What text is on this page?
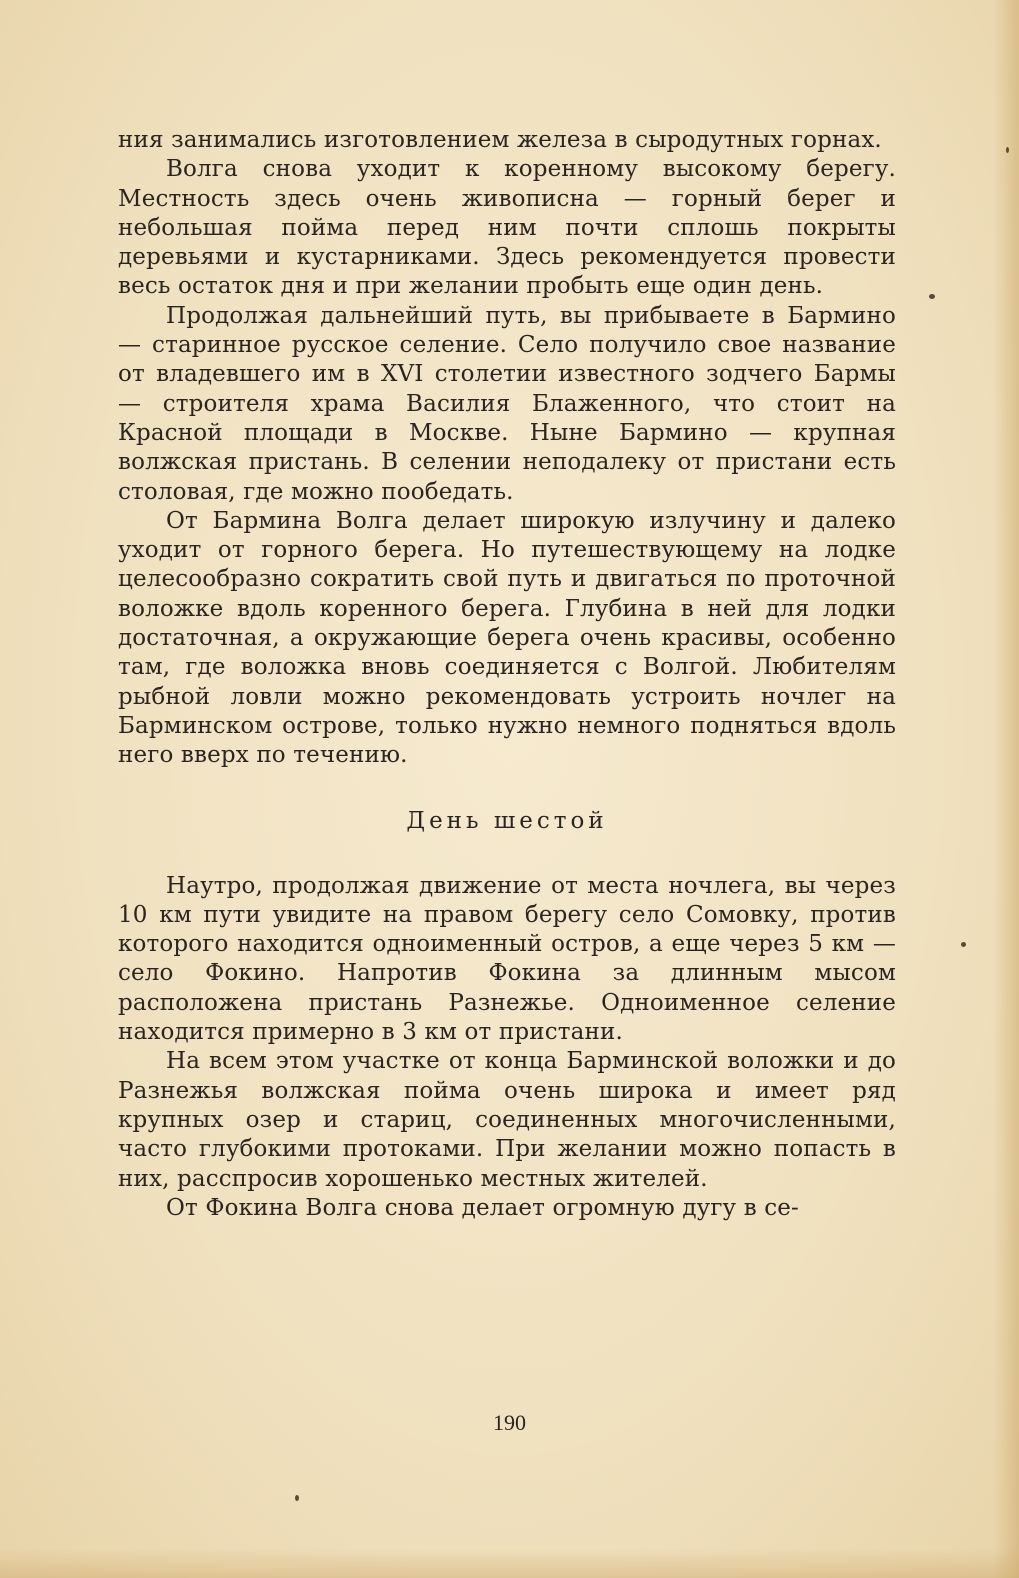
ния занимались изготовлением железа в сыродутных горнах.

Волга снова уходит к коренному высокому берегу. Местность здесь очень живописна — горный берег и небольшая пойма перед ним почти сплошь покрыты деревьями и кустарниками. Здесь рекомендуется провести весь остаток дня и при желании пробыть еще один день.

Продолжая дальнейший путь, вы прибываете в Бармино — старинное русское селение. Село получило свое название от владевшего им в XVI столетии известного зодчего Бармы — строителя храма Василия Блаженного, что стоит на Красной площади в Москве. Ныне Бармино — крупная волжская пристань. В селении неподалеку от пристани есть столовая, где можно пообедать.

От Бармина Волга делает широкую излучину и далеко уходит от горного берега. Но путешествующему на лодке целесообразно сократить свой путь и двигаться по проточной воложке вдоль коренного берега. Глубина в ней для лодки достаточная, а окружающие берега очень красивы, особенно там, где воложка вновь соединяется с Волгой. Любителям рыбной ловли можно рекомендовать устроить ночлег на Барминском острове, только нужно немного подняться вдоль него вверх по течению.

День шестой

Наутро, продолжая движение от места ночлега, вы через 10 км пути увидите на правом берегу село Сомовку, против которого находится одноименный остров, а еще через 5 км — село Фокино. Напротив Фокина за длинным мысом расположена пристань Разнежье. Одноименное селение находится примерно в 3 км от пристани.

На всем этом участке от конца Барминской воложки и до Разнежья волжская пойма очень широка и имеет ряд крупных озер и стариц, соединенных многочисленными, часто глубокими протоками. При желании можно попасть в них, расспросив хорошенько местных жителей.

От Фокина Волга снова делает огромную дугу в се-

190
